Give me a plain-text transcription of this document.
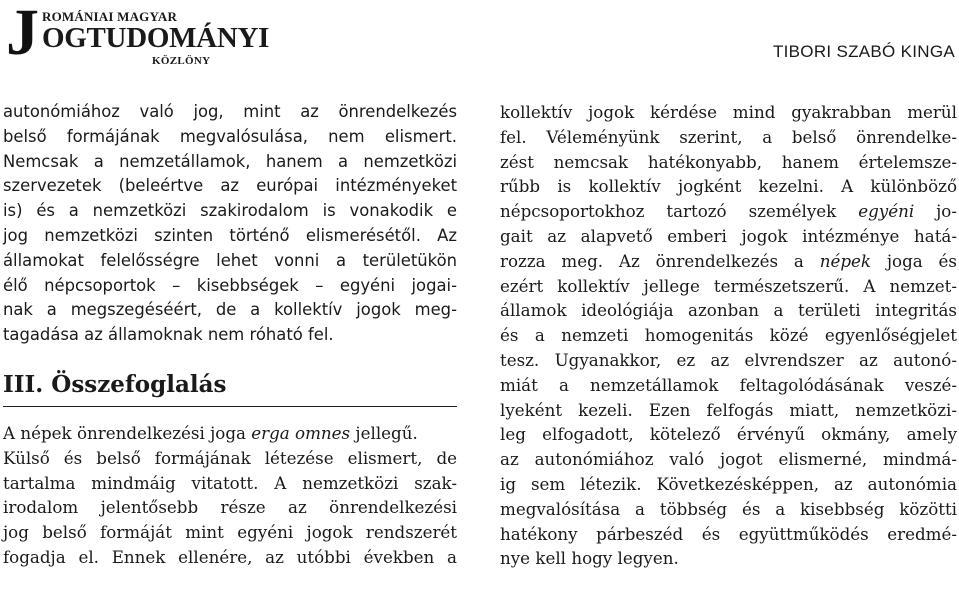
J ROMÁNIAI MAGYAR
OGTUDOMÁNYI
KÖZLÖNY	TIBORI SZABÓ KINGA
autonómiához való jog, mint az önrendelkezés
belső formájának megvalósulása, nem elismert.
Nemcsak a nemzetállamok, hanem a nemzetközi
szervezetek (beleértve az európai intézményeket
is) és a nemzetközi szakirodalom is vonakodik e
jog nemzetközi szinten történő elismerésétől. Az
államokat felelősségre lehet vonni a területükön
élő népcsoportok – kisebbségek – egyéni jogai-
nak a megszegéséért, de a kollektív jogok meg-
tagadása az államoknak nem róható fel.
III. Összefoglalás
A népek önrendelkezési joga erga omnes jellegű.
Külső és belső formájának létezése elismert, de
tartalma mindmáig vitatott. A nemzetközi szak-
irodalom jelentősebb része az önrendelkezési
jog belső formáját mint egyéni jogok rendszerét
fogadja el. Ennek ellenére, az utóbbi években a
kollektív jogok kérdése mind gyakrabban merül
fel. Véleményünk szerint, a belső önrendelke-
zést nemcsak hatékonyabb, hanem értelemsze-
rűbb is kollektív jogként kezelni. A különböző
népcsoportokhoz tartozó személyek egyéni jo-
gait az alapvető emberi jogok intézménye hatá-
rozza meg. Az önrendelkezés a népek joga és
ezért kollektív jellege természetszerű. A nemzet-
államok ideológiája azonban a területi integritás
és a nemzeti homogenitás közé egyenlőségjelet
tesz. Ugyanakkor, ez az elvrendszer az autonó-
miát a nemzetállamok feltagolódásának veszé-
lyeként kezeli. Ezen felfogás miatt, nemzetközi-
leg elfogadott, kötelező érvényű okmány, amely
az autonómiához való jogot elismerné, mindmá-
ig sem létezik. Következésképpen, az autonómia
megvalósítása a többség és a kisebbség közötti
hatékony párbeszéd és együttműködés eredmé-
nye kell hogy legyen.
